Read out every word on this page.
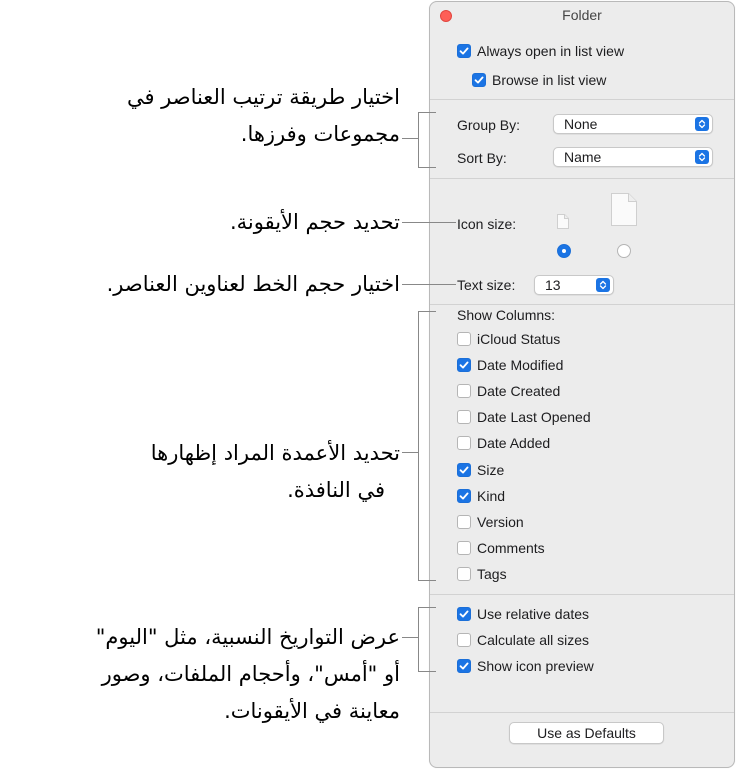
Folder
Always open in list view
Browse in list view
Group By:	None
Sort By:	Name
Icon size:
Text size:	13
Show Columns:
iCloud Status
Date Modified
Date Created
Date Last Opened
Date Added
Size
Kind
Version
Comments
Tags
Use relative dates
Calculate all sizes
Show icon preview
Use as Defaults
اختيار طريقة ترتيب العناصر في
مجموعات وفرزها.
تحديد حجم الأيقونة.
اختيار حجم الخط لعناوين العناصر.
تحديد الأعمدة المراد إظهارها
في النافذة.
عرض التواريخ النسبية، مثل "اليوم"
أو "أمس"، وأحجام الملفات، وصور
معاينة في الأيقونات.
